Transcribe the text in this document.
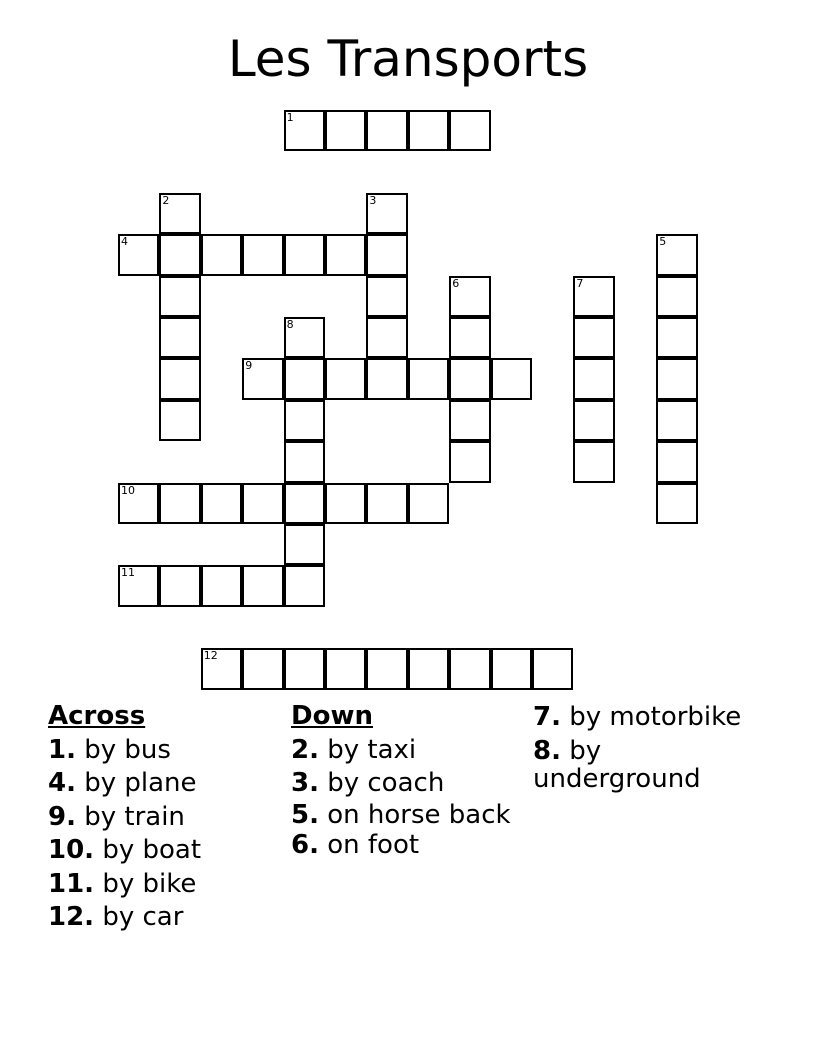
Les Transports
1
2	3
4	5
6	7
8
9
10
11
12
Across

1. by bus

4. by plane

9. by train

10. by boat

11. by bike

12. by car

Down

2. by taxi

3. by coach

5. on horse back

6. on foot

7. by motorbike

8. by underground
